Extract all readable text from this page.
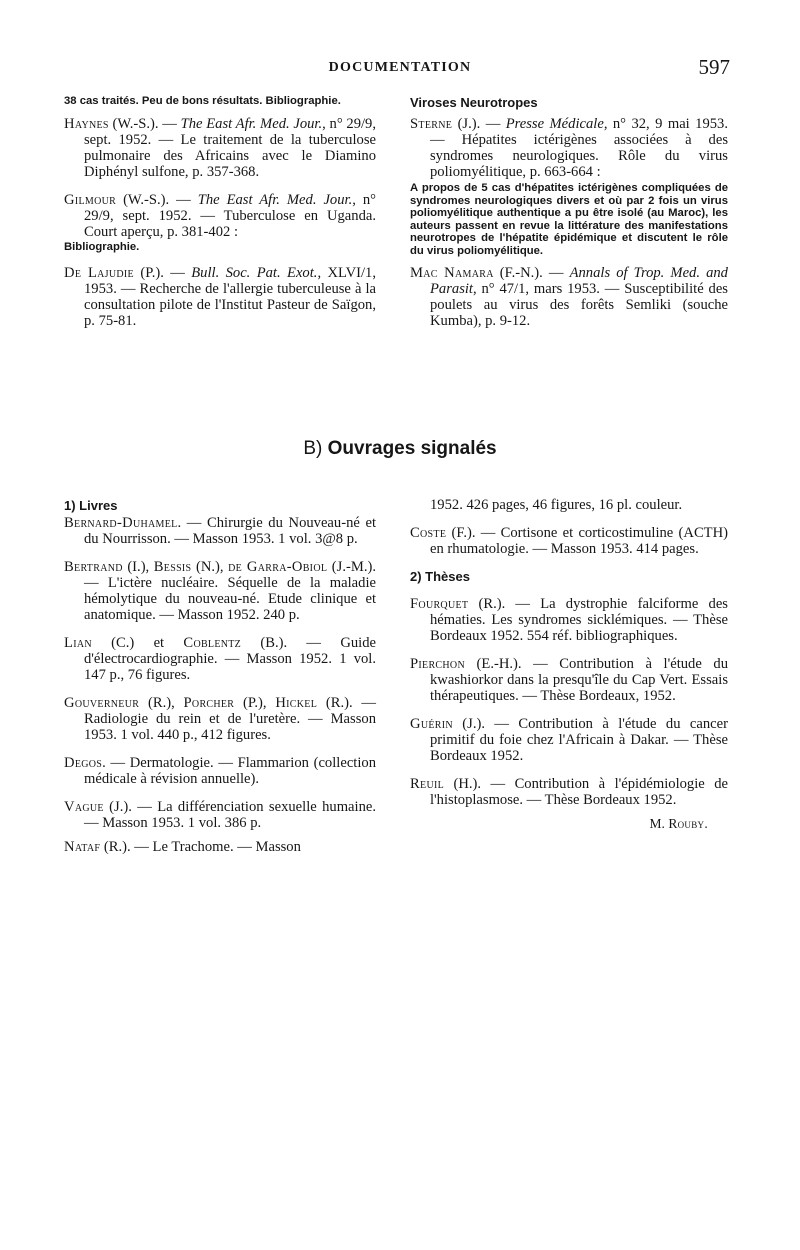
DOCUMENTATION	597

38 cas traités. Peu de bons résultats. Bibliographie.

Haynes (W.-S.). — The East Afr. Med. Jour., n° 29/9, sept. 1952. — Le traitement de la tuberculose pulmonaire des Africains avec le Diamino Diphényl sulfone, p. 357-368.

Gilmour (W.-S.). — The East Afr. Med. Jour., n° 29/9, sept. 1952. — Tuberculose en Uganda. Court aperçu, p. 381-402 :

Bibliographie.

De Lajudie (P.). — Bull. Soc. Pat. Exot., XLVI/1, 1953. — Recherche de l'allergie tuberculeuse à la consultation pilote de l'Institut Pasteur de Saïgon, p. 75-81.

Viroses Neurotropes

Sterne (J.). — Presse Médicale, n° 32, 9 mai 1953. — Hépatites ictérigènes associées à des syndromes neurologiques. Rôle du virus poliomyélitique, p. 663-664 :

A propos de 5 cas d'hépatites ictérigènes compliquées de syndromes neurologiques divers et où par 2 fois un virus poliomyélitique authentique a pu être isolé (au Maroc), les auteurs passent en revue la littérature des manifestations neurotropes de l'hépatite épidémique et discutent le rôle du virus poliomyélitique.

Mac Namara (F.-N.). — Annals of Trop. Med. and Parasit, n° 47/1, mars 1953. — Susceptibilité des poulets au virus des forêts Semliki (souche Kumba), p. 9-12.

B) Ouvrages signalés
1) Livres

Bernard-Duhamel. — Chirurgie du Nouveau-né et du Nourrisson. — Masson 1953. 1 vol. 3@8 p.

Bertrand (I.), Bessis (N.), de Garra-Obiol (J.-M.). — L'ictère nucléaire. Séquelle de la maladie hémolytique du nouveau-né. Etude clinique et anatomique. — Masson 1952. 240 p.

Lian (C.) et Coblentz (B.). — Guide d'électrocardiographie. — Masson 1952. 1 vol. 147 p., 76 figures.

Gouverneur (R.), Porcher (P.), Hickel (R.). — Radiologie du rein et de l'uretère. — Masson 1953. 1 vol. 440 p., 412 figures.

Degos. — Dermatologie. — Flammarion (collection médicale à révision annuelle).

Vague (J.). — La différenciation sexuelle humaine. — Masson 1953. 1 vol. 386 p.

Nataf (R.). — Le Trachome. — Masson

1952. 426 pages, 46 figures, 16 pl. couleur.

Coste (F.). — Cortisone et corticostimuline (ACTH) en rhumatologie. — Masson 1953. 414 pages.

2) Thèses

Fourquet (R.). — La dystrophie falciforme des hématies. Les syndromes sicklémiques. — Thèse Bordeaux 1952. 554 réf. bibliographiques.

Pierchon (E.-H.). — Contribution à l'étude du kwashiorkor dans la presqu'île du Cap Vert. Essais thérapeutiques. — Thèse Bordeaux, 1952.

Guérin (J.). — Contribution à l'étude du cancer primitif du foie chez l'Africain à Dakar. — Thèse Bordeaux 1952.

Reuil (H.). — Contribution à l'épidémiologie de l'histoplasmose. — Thèse Bordeaux 1952.

M. Rouby.
